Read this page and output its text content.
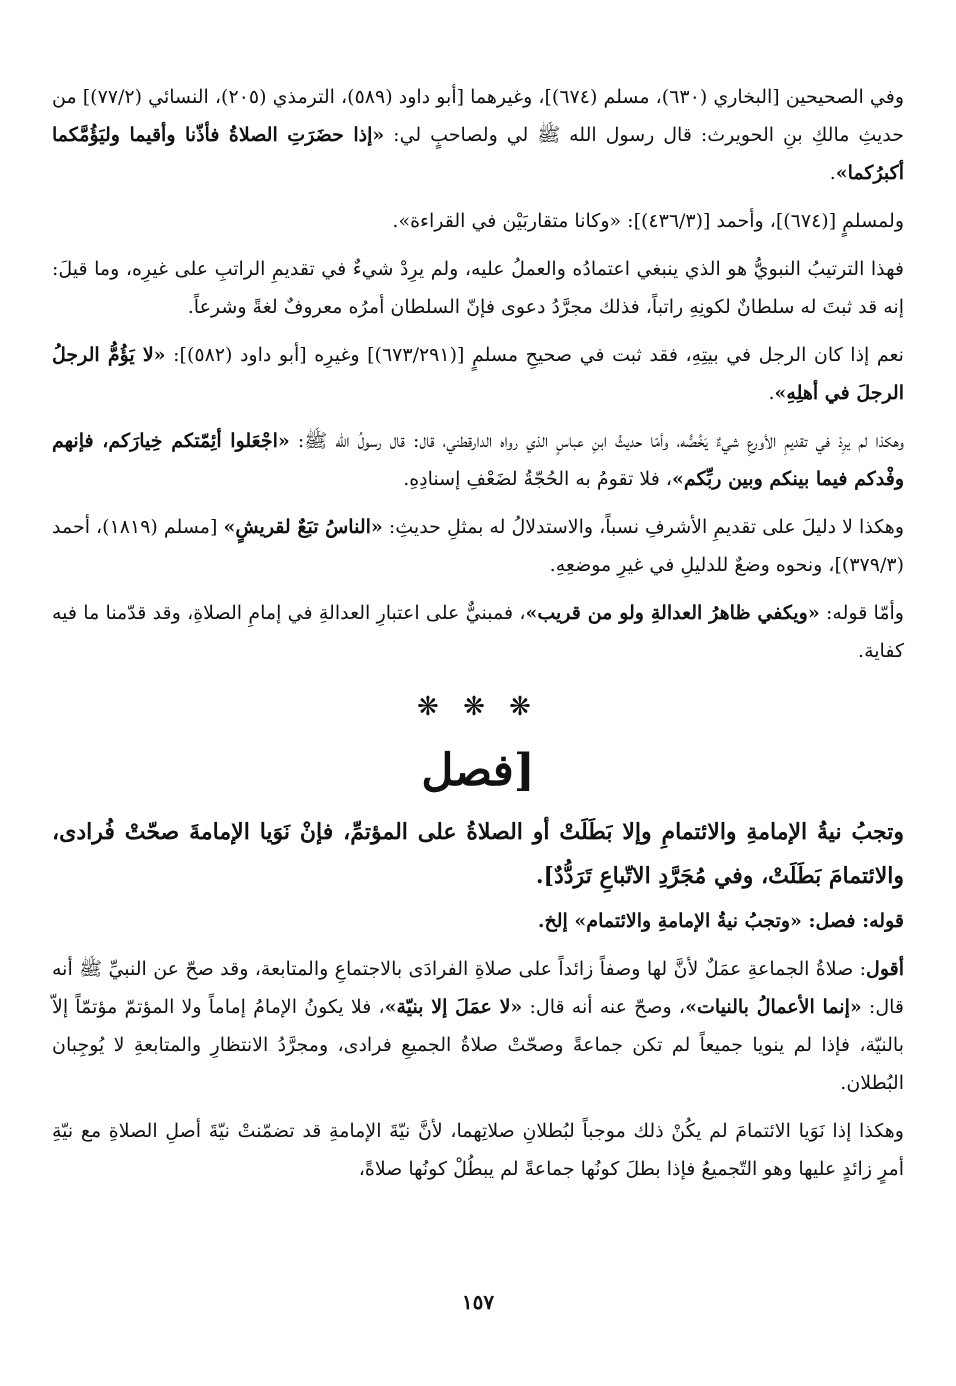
وفي الصحيحين [البخاري (٦٣٠)، مسلم (٦٧٤)]، وغيرهما [أبو داود (٥٨٩)، الترمذي (٢٠٥)، النسائي (٧٧/٢)] من حديثِ مالكِ بنِ الحويرث: قال رسول الله ﷺ لي ولصاحبٍ لي: «إذا حضَرَتِ الصلاةُ فأذّنا وأقيما وليَؤُمَّكما أكبرُكما».

ولمسلمٍ [(٦٧٤)]، وأحمد [(٤٣٦/٣)]: «وكانا متقاربَيْن في القراءة».

فهذا الترتيبُ النبويُّ هو الذي ينبغي اعتمادُه والعملُ عليه، ولم يرِدْ شيءٌ في تقديمِ الراتبِ على غيرِه، وما قيلَ: إنه قد ثبتَ له سلطانٌ لكونِهِ راتباً، فذلك مجرَّدُ دعوى فإنّ السلطان أمرُه معروفٌ لغةً وشرعاً.

نعم إذا كان الرجل في بيتِهِ، فقد ثبت في صحيحِ مسلمٍ [(٦٧٣/٢٩١)] وغيرِه [أبو داود (٥٨٢)]: «لا يَؤُمُّ الرجلُ الرجلَ في أهلِهِ».

وهكذا لم يرِدْ في تقديمِ الأورعِ شيءٌ يَخُصُّه، وأمّا حديثُ ابنِ عباسٍ الذي رواه الدارقطني، قال: قال رسولُ الله ﷺ: «اجْعَلوا أئِمّتكم خِيارَكم، فإنهم وفْدكم فيما بينكم وبين ربِّكم»، فلا تقومُ به الحُجّةُ لضَعْفِ إسنادِهِ.

وهكذا لا دليلَ على تقديمِ الأشرفِ نسباً، والاستدلالُ له بمثلِ حديثِ: «الناسُ تبَعٌ لقريشٍ» [مسلم (١٨١٩)، أحمد (٣٧٩/٣)]، ونحوه وضعٌ للدليلِ في غيرِ موضعِهِ.

وأمّا قوله: «ويكفي ظاهرُ العدالةِ ولو من قريب»، فمبنيٌّ على اعتبارِ العدالةِ في إمامِ الصلاةِ، وقد قدّمنا ما فيه كفاية.

❋ ❋ ❋
[فصل

وتجبُ نيةُ الإمامةِ والائتمامِ وإلا بَطَلَتْ أو الصلاةُ على المؤتمِّ، فإنْ نَوَيا الإمامةَ صحّتْ فُرادى، والائتمامَ بَطَلَتْ، وفي مُجَرَّدِ الاتّباعِ تَرَدُّدٌ].

قوله: فصل: «وتجبُ نيةُ الإمامةِ والائتمام» إلخ.

أقول: صلاةُ الجماعةِ عمَلٌ لأنَّ لها وصفاً زائداً على صلاةِ الفرادَى بالاجتماعِ والمتابعة، وقد صحّ عن النبيِّ ﷺ أنه قال: «إنما الأعمالُ بالنيات»، وصحّ عنه أنه قال: «لا عمَلَ إلا بنيّة»، فلا يكونُ الإمامُ إماماً ولا المؤتمّ مؤتمّاً إلاّ بالنيّة، فإذا لم ينويا جميعاً لم تكن جماعةً وصحّتْ صلاةُ الجميعِ فرادى، ومجرَّدُ الانتظارِ والمتابعةِ لا يُوجِبان البُطلان.

وهكذا إذا نَوَيا الائتمامَ لم يكُنْ ذلك موجباً لبُطلانِ صلاتِهما، لأنَّ نيّةَ الإمامةِ قد تضمّنتْ نيّةَ أصلِ الصلاةِ مع نيّةِ أمرٍ زائدٍ عليها وهو التّجميعُ فإذا بطلَ كونُها جماعةً لم يبطُلْ كونُها صلاةً،

١٥٧
